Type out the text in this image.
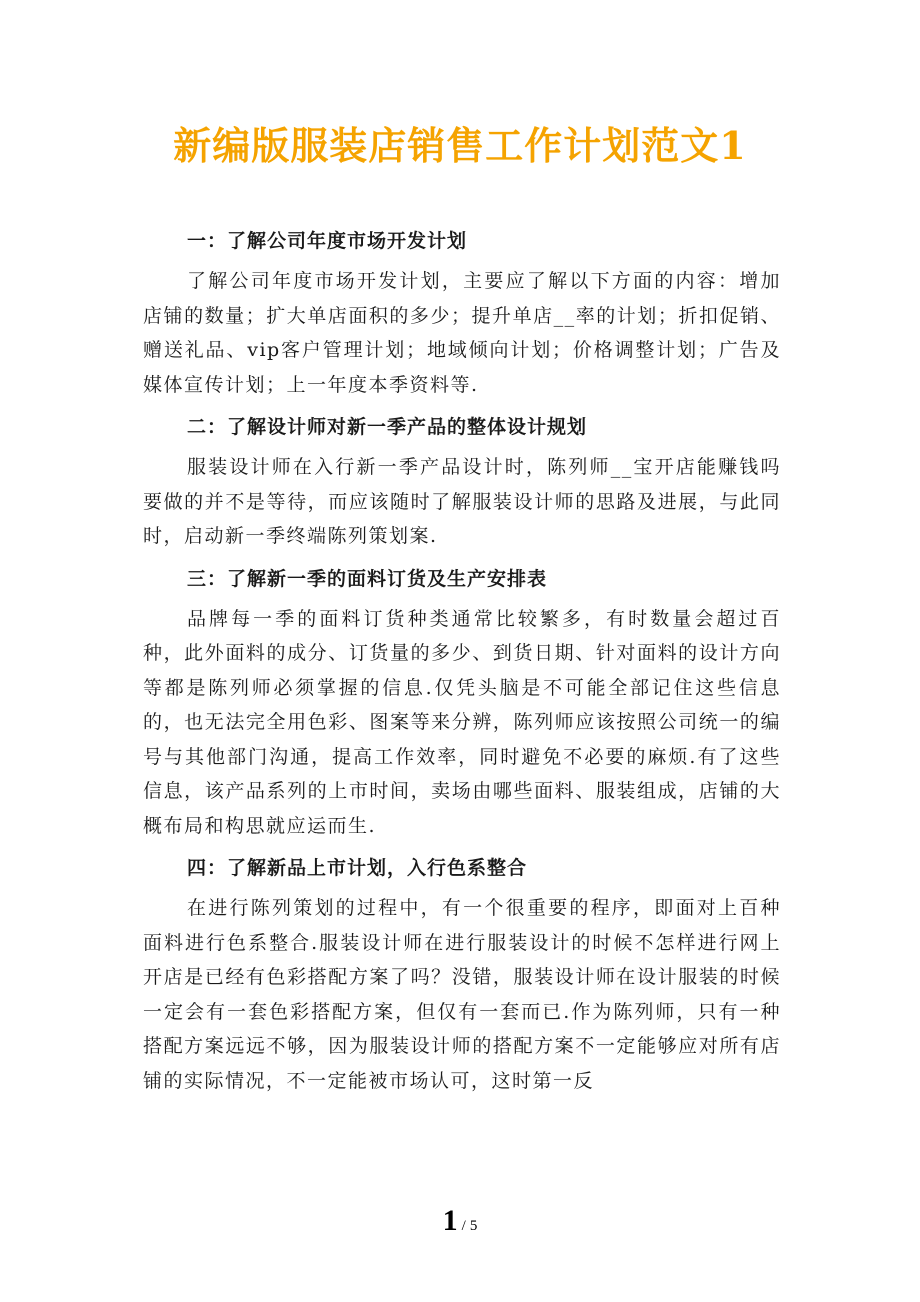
新编版服装店销售工作计划范文1
一：了解公司年度市场开发计划

了解公司年度市场开发计划，主要应了解以下方面的内容：增加店铺的数量；扩大单店面积的多少；提升单店__率的计划；折扣促销、赠送礼品、vip客户管理计划；地域倾向计划；价格调整计划；广告及媒体宣传计划；上一年度本季资料等.

二：了解设计师对新一季产品的整体设计规划

服装设计师在入行新一季产品设计时，陈列师__宝开店能赚钱吗要做的并不是等待，而应该随时了解服装设计师的思路及进展，与此同时，启动新一季终端陈列策划案.

三：了解新一季的面料订货及生产安排表

品牌每一季的面料订货种类通常比较繁多，有时数量会超过百种，此外面料的成分、订货量的多少、到货日期、针对面料的设计方向等都是陈列师必须掌握的信息.仅凭头脑是不可能全部记住这些信息的，也无法完全用色彩、图案等来分辨，陈列师应该按照公司统一的编号与其他部门沟通，提高工作效率，同时避免不必要的麻烦.有了这些信息，该产品系列的上市时间，卖场由哪些面料、服装组成，店铺的大概布局和构思就应运而生.

四：了解新品上市计划，入行色系整合

在进行陈列策划的过程中，有一个很重要的程序，即面对上百种面料进行色系整合.服装设计师在进行服装设计的时候不怎样进行网上开店是已经有色彩搭配方案了吗？没错，服装设计师在设计服装的时候一定会有一套色彩搭配方案，但仅有一套而已.作为陈列师，只有一种搭配方案远远不够，因为服装设计师的搭配方案不一定能够应对所有店铺的实际情况，不一定能被市场认可，这时第一反

1 / 5
